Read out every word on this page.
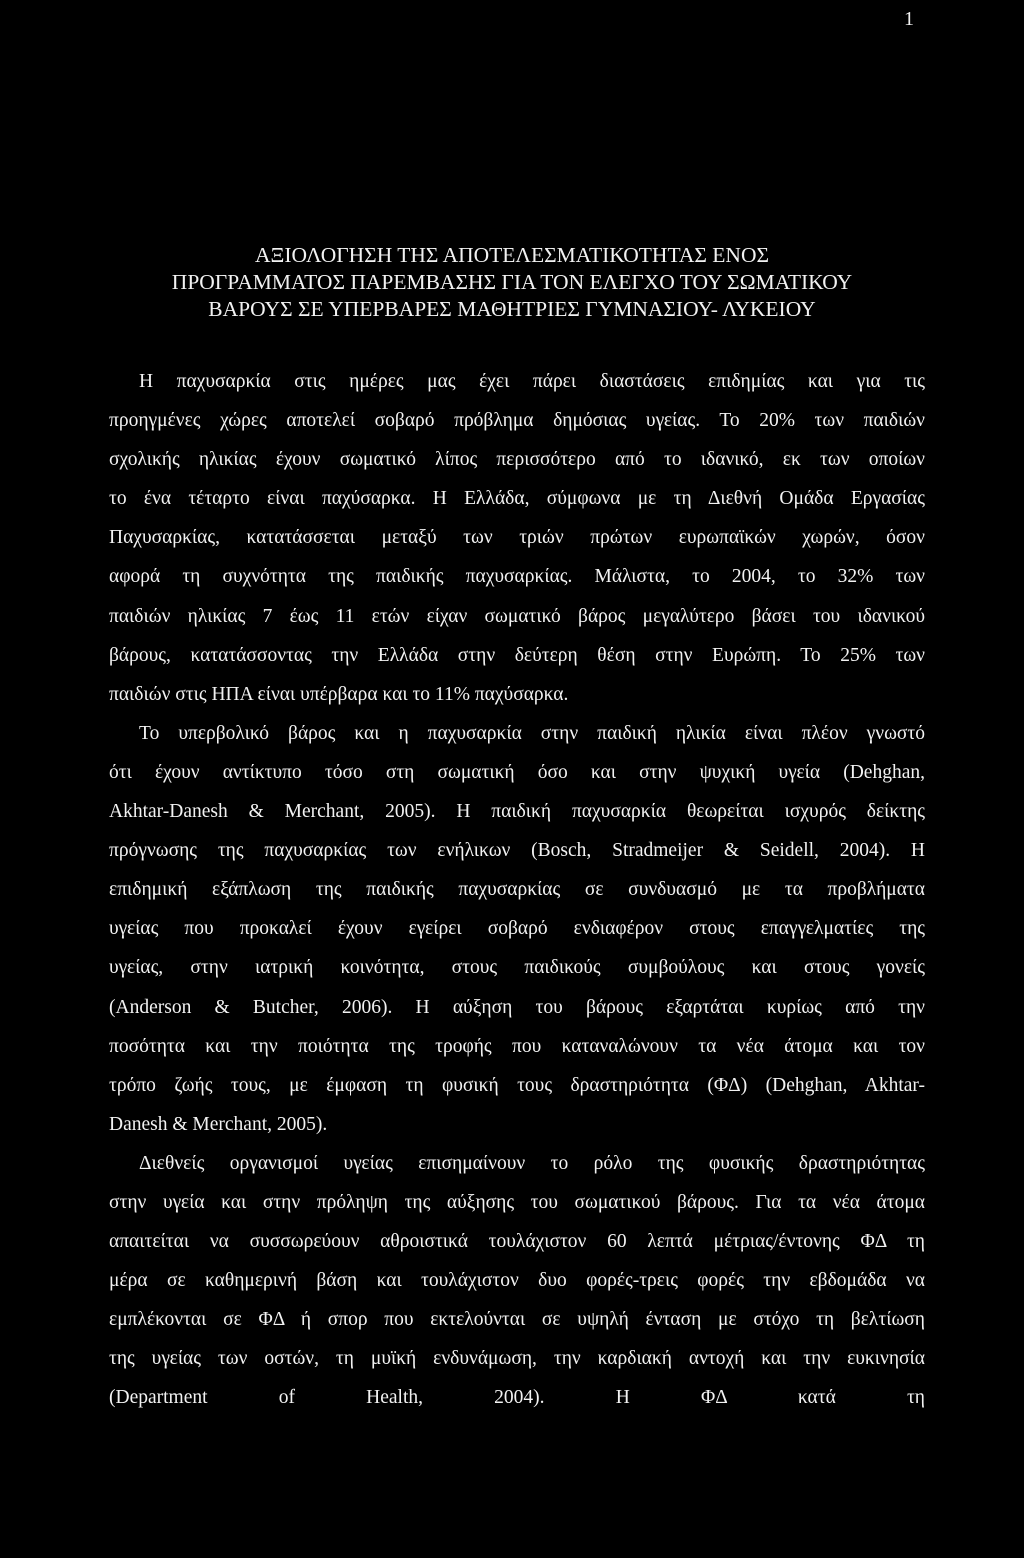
1
ΑΞΙΟΛΟΓΗΣΗ ΤΗΣ ΑΠΟΤΕΛΕΣΜΑΤΙΚΟΤΗΤΑΣ ΕΝΟΣ
ΠΡΟΓΡΑΜΜΑΤΟΣ ΠΑΡΕΜΒΑΣΗΣ ΓΙΑ ΤΟΝ ΕΛΕΓΧΟ ΤΟΥ ΣΩΜΑΤΙΚΟΥ
ΒΑΡΟΥΣ ΣΕ ΥΠΕΡΒΑΡΕΣ ΜΑΘΗΤΡΙΕΣ ΓΥΜΝΑΣΙΟΥ- ΛΥΚΕΙΟΥ
Η παχυσαρκία στις ημέρες μας έχει πάρει διαστάσεις επιδημίας και για τις
προηγμένες χώρες αποτελεί σοβαρό πρόβλημα δημόσιας υγείας. Το 20% των παιδιών
σχολικής ηλικίας έχουν σωματικό λίπος περισσότερο από το ιδανικό, εκ των οποίων
το ένα τέταρτο είναι παχύσαρκα. Η Ελλάδα, σύμφωνα με τη Διεθνή Ομάδα Εργασίας
Παχυσαρκίας, κατατάσσεται μεταξύ των τριών πρώτων ευρωπαϊκών χωρών, όσον
αφορά τη συχνότητα της παιδικής παχυσαρκίας. Μάλιστα, το 2004, το 32% των
παιδιών ηλικίας 7 έως 11 ετών είχαν σωματικό βάρος μεγαλύτερο βάσει του ιδανικού
βάρους, κατατάσσοντας την Ελλάδα στην δεύτερη θέση στην Ευρώπη. Το 25% των
παιδιών στις ΗΠΑ είναι υπέρβαρα και το 11% παχύσαρκα.
Το υπερβολικό βάρος και η παχυσαρκία στην παιδική ηλικία είναι πλέον γνωστό
ότι έχουν αντίκτυπο τόσο στη σωματική όσο και στην ψυχική υγεία (Dehghan,
Akhtar-Danesh & Merchant, 2005). Η παιδική παχυσαρκία θεωρείται ισχυρός δείκτης
πρόγνωσης της παχυσαρκίας των ενήλικων (Bosch, Stradmeijer & Seidell, 2004). Η
επιδημική εξάπλωση της παιδικής παχυσαρκίας σε συνδυασμό με τα προβλήματα
υγείας που προκαλεί έχουν εγείρει σοβαρό ενδιαφέρον στους επαγγελματίες της
υγείας, στην ιατρική κοινότητα, στους παιδικούς συμβούλους και στους γονείς
(Anderson & Butcher, 2006). Η αύξηση του βάρους εξαρτάται κυρίως από την
ποσότητα και την ποιότητα της τροφής που καταναλώνουν τα νέα άτομα και τον
τρόπο ζωής τους, με έμφαση τη φυσική τους δραστηριότητα (ΦΔ) (Dehghan, Akhtar-
Danesh & Merchant, 2005).
Διεθνείς οργανισμοί υγείας επισημαίνουν το ρόλο της φυσικής δραστηριότητας
στην υγεία και στην πρόληψη της αύξησης του σωματικού βάρους. Για τα νέα άτομα
απαιτείται να συσσωρεύουν αθροιστικά τουλάχιστον 60 λεπτά μέτριας/έντονης ΦΔ τη
μέρα σε καθημερινή βάση και τουλάχιστον δυο φορές-τρεις φορές την εβδομάδα να
εμπλέκονται σε ΦΔ ή σπορ που εκτελούνται σε υψηλή ένταση με στόχο τη βελτίωση
της υγείας των οστών, τη μυϊκή ενδυνάμωση, την καρδιακή αντοχή και την ευκινησία
(Department of Health, 2004). Η ΦΔ κατά τη
